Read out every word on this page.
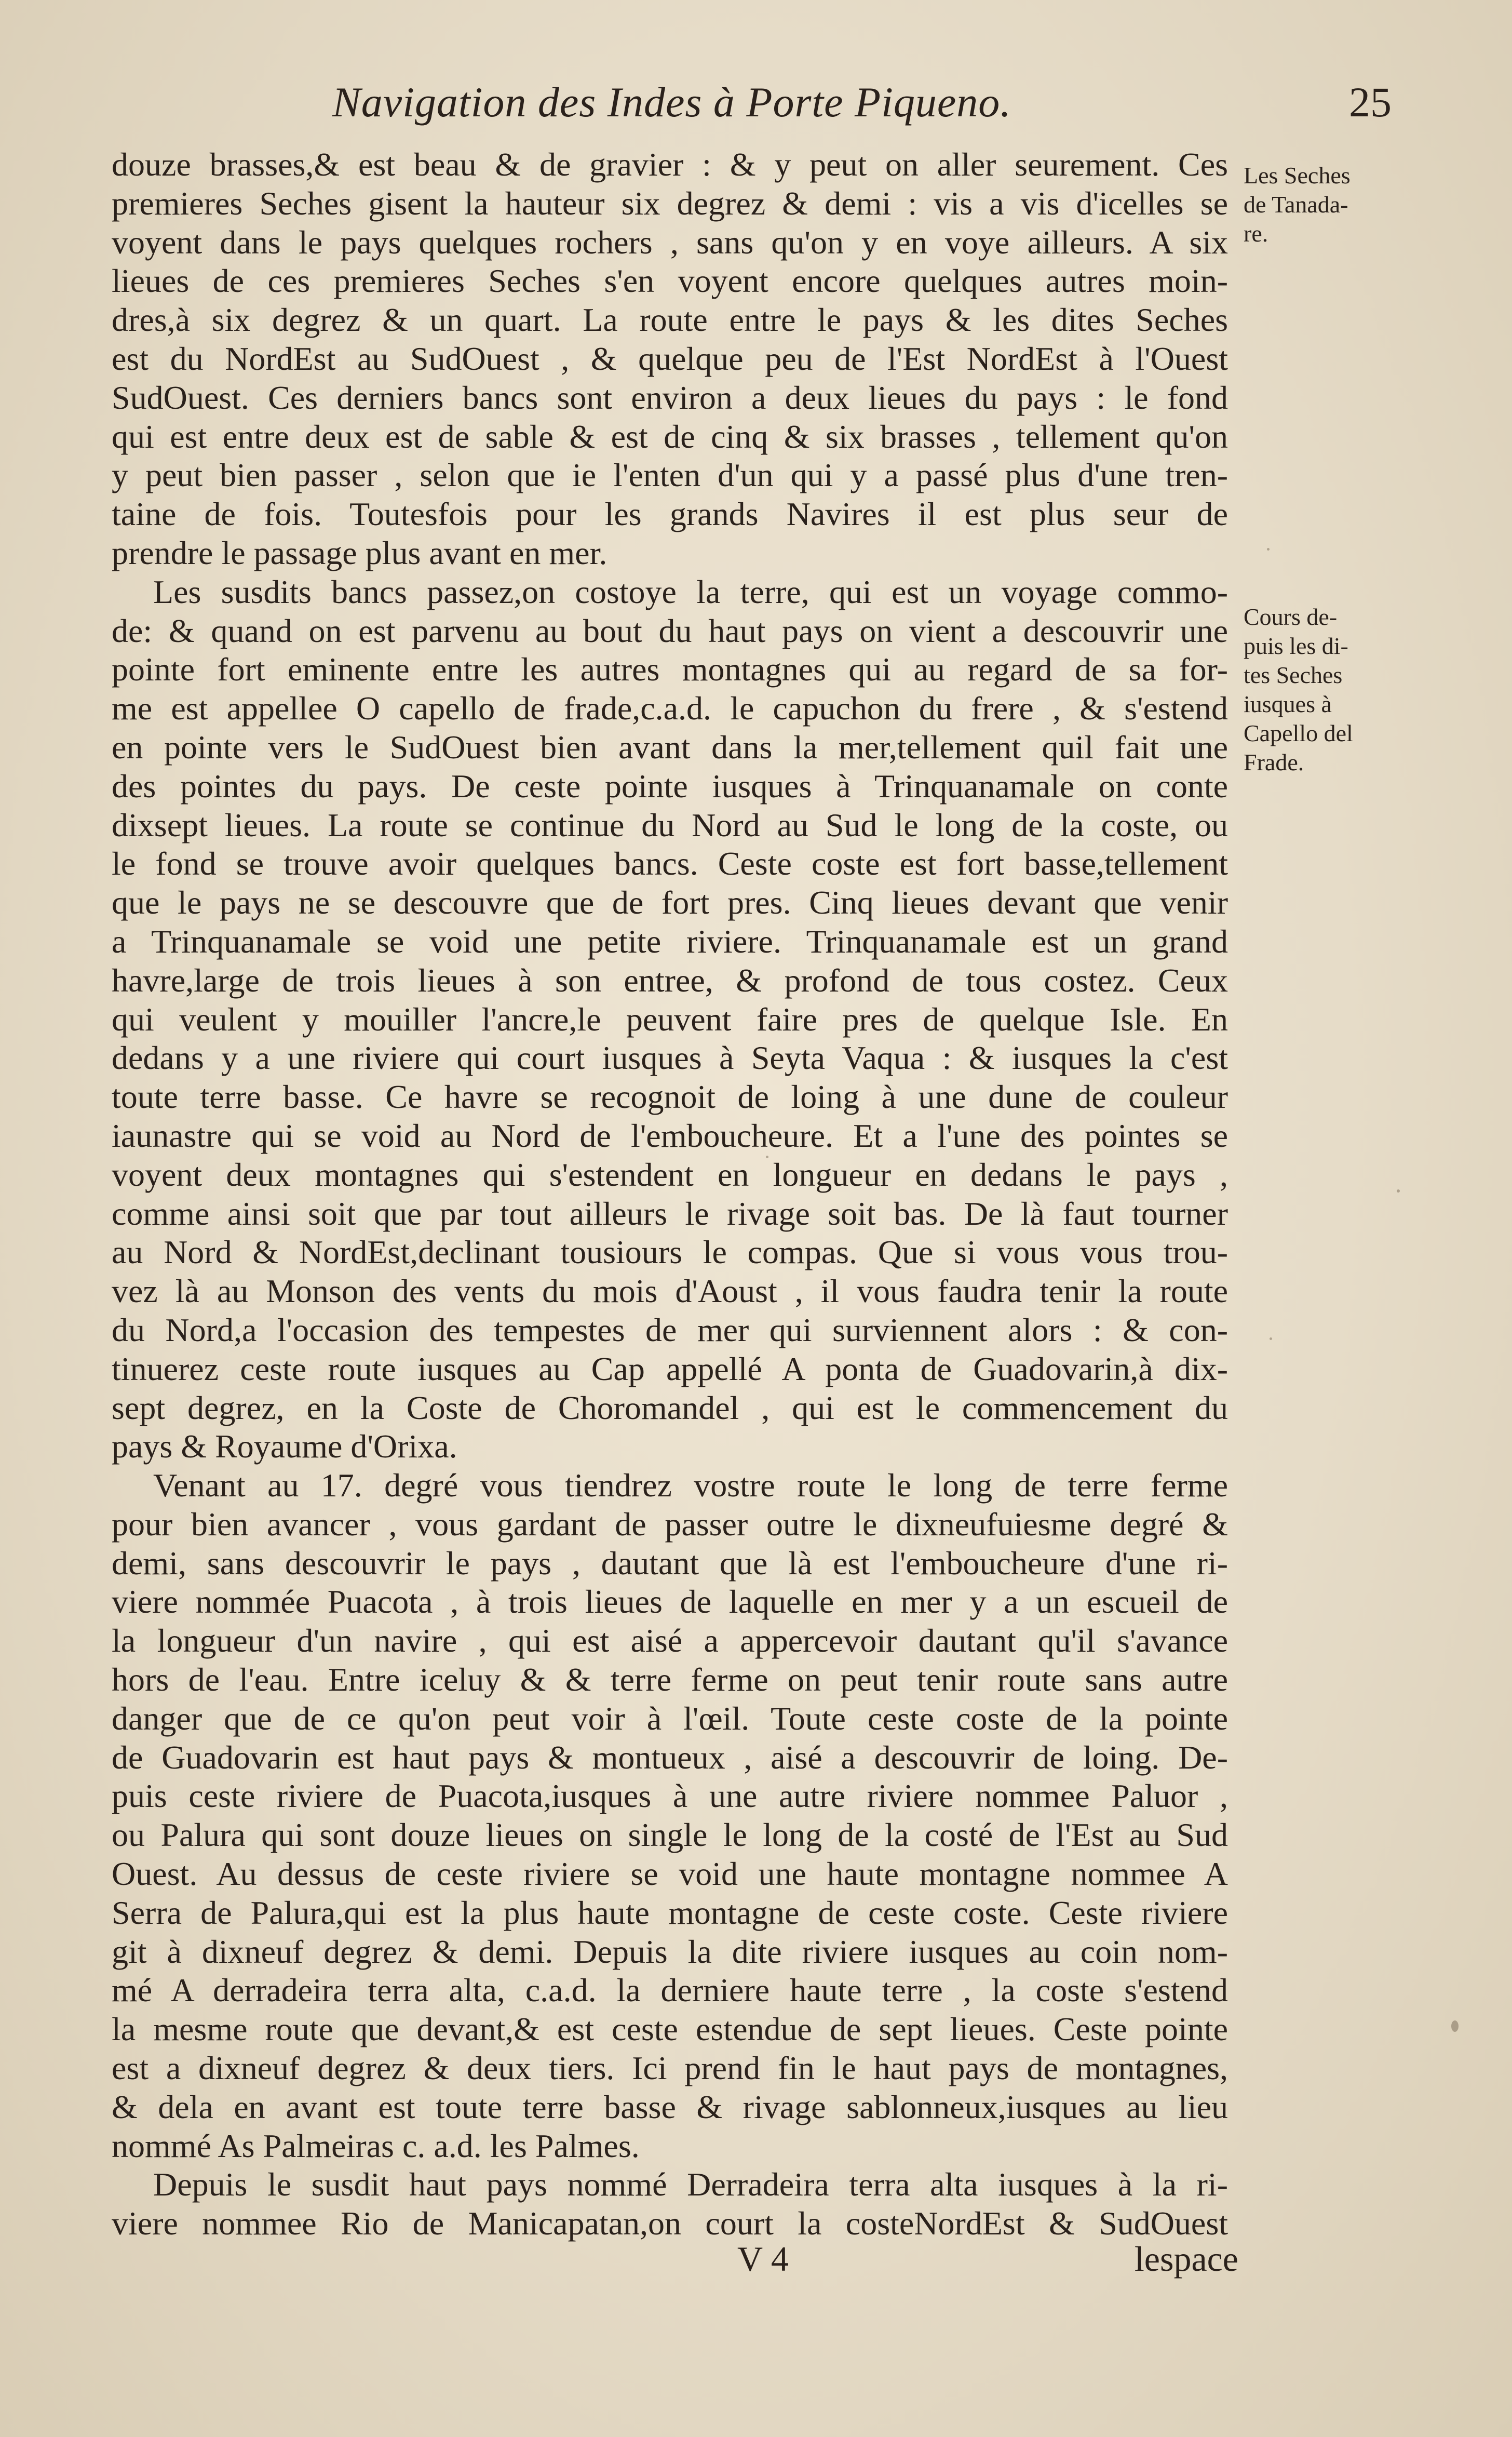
Navigation des Indes à Porte Piqueno.	25
douze brasses,& est beau & de gravier : & y peut on aller seurement. Ces
premieres Seches gisent la hauteur six degrez & demi : vis a vis d'icelles se
voyent dans le pays quelques rochers , sans qu'on y en voye ailleurs. A six
lieues de ces premieres Seches s'en voyent encore quelques autres moin-
dres,à six degrez & un quart. La route entre le pays & les dites Seches
est du NordEst au SudOuest , & quelque peu de l'Est NordEst à l'Ouest
SudOuest. Ces derniers bancs sont environ a deux lieues du pays : le fond
qui est entre deux est de sable & est de cinq & six brasses , tellement qu'on
y peut bien passer , selon que ie l'enten d'un qui y a passé plus d'une tren-
taine de fois. Toutesfois pour les grands Navires il est plus seur de
prendre le passage plus avant en mer.
Les susdits bancs passez,on costoye la terre, qui est un voyage commo-
de: & quand on est parvenu au bout du haut pays on vient a descouvrir une
pointe fort eminente entre les autres montagnes qui au regard de sa for-
me est appellee O capello de frade,c.a.d. le capuchon du frere , & s'estend
en pointe vers le SudOuest bien avant dans la mer,tellement quil fait une
des pointes du pays. De ceste pointe iusques à Trinquanamale on conte
dixsept lieues. La route se continue du Nord au Sud le long de la coste, ou
le fond se trouve avoir quelques bancs. Ceste coste est fort basse,tellement
que le pays ne se descouvre que de fort pres. Cinq lieues devant que venir
a Trinquanamale se void une petite riviere. Trinquanamale est un grand
havre,large de trois lieues à son entree, & profond de tous costez. Ceux
qui veulent y mouiller l'ancre,le peuvent faire pres de quelque Isle. En
dedans y a une riviere qui court iusques à Seyta Vaqua : & iusques la c'est
toute terre basse. Ce havre se recognoit de loing à une dune de couleur
iaunastre qui se void au Nord de l'emboucheure. Et a l'une des pointes se
voyent deux montagnes qui s'estendent en longueur en dedans le pays ,
comme ainsi soit que par tout ailleurs le rivage soit bas. De là faut tourner
au Nord & NordEst,declinant tousiours le compas. Que si vous vous trou-
vez là au Monson des vents du mois d'Aoust , il vous faudra tenir la route
du Nord,a l'occasion des tempestes de mer qui surviennent alors : & con-
tinuerez ceste route iusques au Cap appellé A ponta de Guadovarin,à dix-
sept degrez, en la Coste de Choromandel , qui est le commencement du
pays & Royaume d'Orixa.
Venant au 17. degré vous tiendrez vostre route le long de terre ferme
pour bien avancer , vous gardant de passer outre le dixneufuiesme degré &
demi, sans descouvrir le pays , dautant que là est l'emboucheure d'une ri-
viere nommée Puacota , à trois lieues de laquelle en mer y a un escueil de
la longueur d'un navire , qui est aisé a appercevoir dautant qu'il s'avance
hors de l'eau. Entre iceluy & & terre ferme on peut tenir route sans autre
danger que de ce qu'on peut voir à l'œil. Toute ceste coste de la pointe
de Guadovarin est haut pays & montueux , aisé a descouvrir de loing. De-
puis ceste riviere de Puacota,iusques à une autre riviere nommee Paluor ,
ou Palura qui sont douze lieues on single le long de la costé de l'Est au Sud
Ouest. Au dessus de ceste riviere se void une haute montagne nommee A
Serra de Palura,qui est la plus haute montagne de ceste coste. Ceste riviere
git à dixneuf degrez & demi. Depuis la dite riviere iusques au coin nom-
mé A derradeira terra alta, c.a.d. la derniere haute terre , la coste s'estend
la mesme route que devant,& est ceste estendue de sept lieues. Ceste pointe
est a dixneuf degrez & deux tiers. Ici prend fin le haut pays de montagnes,
& dela en avant est toute terre basse & rivage sablonneux,iusques au lieu
nommé As Palmeiras c. a.d. les Palmes.
Depuis le susdit haut pays nommé Derradeira terra alta iusques à la ri-
viere nommee Rio de Manicapatan,on court la costeNordEst & SudOuest
Les Seches
de Tanada-
re.
Cours de-
puis les di-
tes Seches
iusques à
Capello del
Frade.
V 4	lespace
